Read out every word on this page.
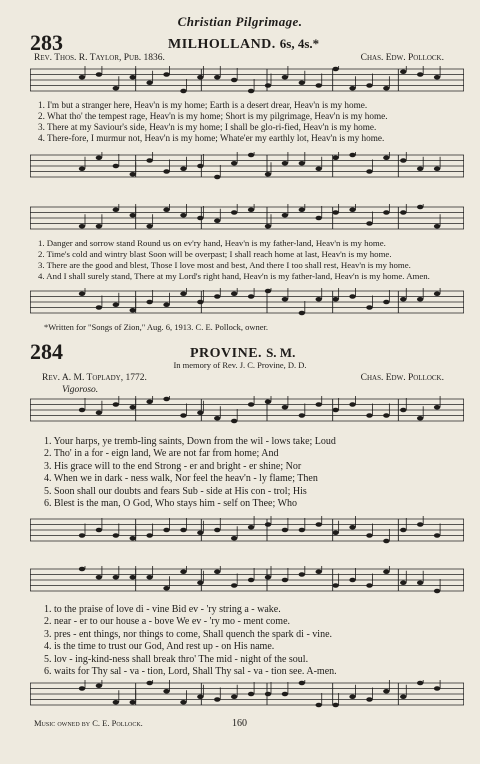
Christian Pilgrimage.
283	MILHOLLAND. 6s, 4s.*
Rev. Thos. R. Taylor, Pub. 1836.	Chas. Edw. Pollock.
1. I'm but a stranger here, Heav'n is my home; Earth is a desert drear, Heav'n is my home.
2. What tho' the tempest rage, Heav'n is my home; Short is my pilgrimage, Heav'n is my home.
3. There at my Saviour's side, Heav'n is my home; I shall be glo-ri-fied, Heav'n is my home.
4. There-fore, I murmur not, Heav'n is my home; Whate'er my earthly lot, Heav'n is my home.
1. Danger and sorrow stand Round us on ev'ry hand, Heav'n is my father-land, Heav'n is my home.
2. Time's cold and wintry blast Soon will be overpast; I shall reach home at last, Heav'n is my home.
3. There are the good and blest, Those I love most and best, And there I too shall rest, Heav'n is my home.
4. And I shall surely stand, There at my Lord's right hand, Heav'n is my father-land, Heav'n is my home. Amen.
*Written for "Songs of Zion," Aug. 6, 1913. C. E. Pollock, owner.
284	PROVINE. S. M.
In memory of Rev. J. C. Provine, D. D.
Rev. A. M. Toplady, 1772.	Chas. Edw. Pollock.
Vigoroso.
1. Your harps, ye tremb-ling saints, Down from the wil - lows take; Loud
2. Tho' in a for - eign land, We are not far from home; And
3. His grace will to the end Strong - er and bright - er shine; Nor
4. When we in dark - ness walk, Nor feel the heav'n - ly flame; Then
5. Soon shall our doubts and fears Sub - side at His con - trol; His
6. Blest is the man, O God, Who stays him - self on Thee; Who
1. to the praise of love di - vine Bid ev - 'ry string a - wake.
2. near - er to our house a - bove We ev - 'ry mo - ment come.
3. pres - ent things, nor things to come, Shall quench the spark di - vine.
4. is the time to trust our God, And rest up - on His name.
5. lov - ing-kind-ness shall break thro' The mid - night of the soul.
6. waits for Thy sal - va - tion, Lord, Shall Thy sal - va - tion see. A-men.
Music owned by C. E. Pollock.	160
